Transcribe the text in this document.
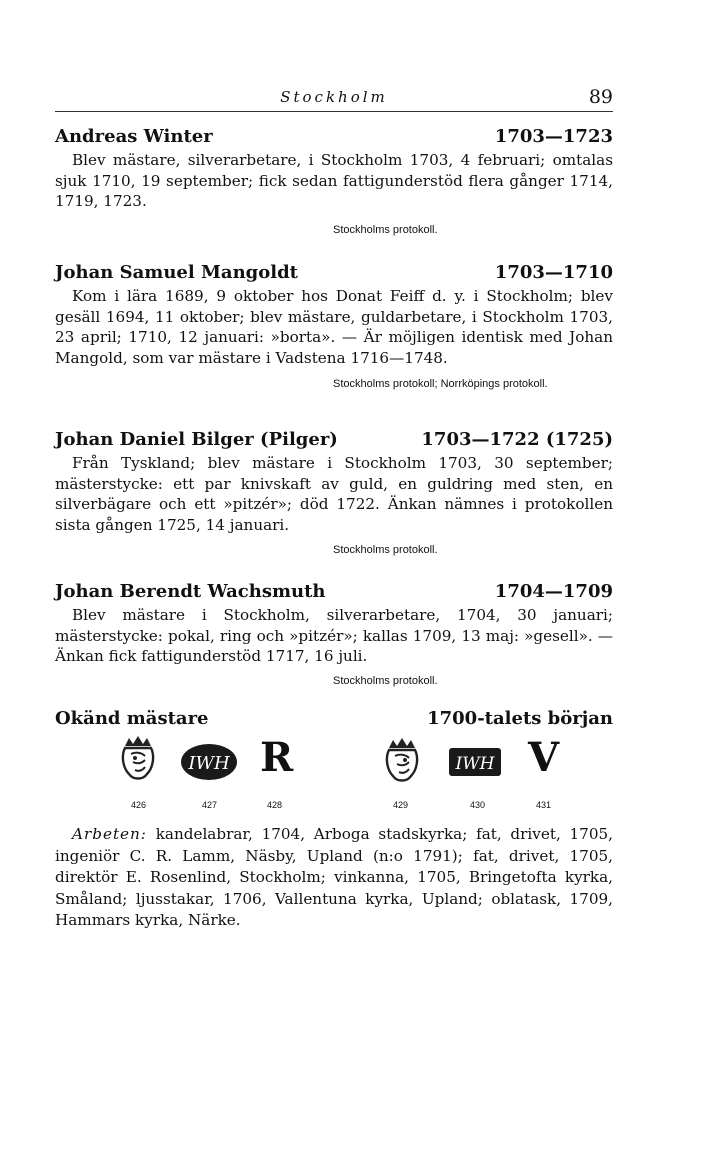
Stockholm	89
Andreas Winter	1703—1723
Blev mästare, silverarbetare, i Stockholm 1703, 4 februari; omtalas sjuk 1710, 19 september; fick sedan fattigunderstöd flera gånger 1714, 1719, 1723.
Stockholms protokoll.
Johan Samuel Mangoldt	1703—1710
Kom i lära 1689, 9 oktober hos Donat Feiff d. y. i Stockholm; blev gesäll 1694, 11 oktober; blev mästare, guldarbetare, i Stockholm 1703, 23 april; 1710, 12 januari: »borta». — Är möjligen identisk med Johan Mangold, som var mästare i Vadstena 1716—1748.
Stockholms protokoll; Norrköpings protokoll.
Johan Daniel Bilger (Pilger)	1703—1722 (1725)
Från Tyskland; blev mästare i Stockholm 1703, 30 september; mästerstycke: ett par knivskaft av guld, en guldring med sten, en silverbägare och ett »pitzér»; död 1722. Änkan nämnes i protokollen sista gången 1725, 14 januari.
Stockholms protokoll.
Johan Berendt Wachsmuth	1704—1709
Blev mästare i Stockholm, silverarbetare, 1704, 30 januari; mästerstycke: pokal, ring och »pitzér»; kallas 1709, 13 maj: »gesell». — Änkan fick fattigunderstöd 1717, 16 juli.
Stockholms protokoll.
Okänd mästare	1700-talets början
426
IWH
427
R
428	429
IWH
430
V
431
Arbeten: kandelabrar, 1704, Arboga stadskyrka; fat, drivet, 1705, ingeniör C. R. Lamm, Näsby, Upland (n:o 1791); fat, drivet, 1705, direktör E. Rosenlind, Stockholm; vinkanna, 1705, Bringetofta kyrka, Småland; ljusstakar, 1706, Vallentuna kyrka, Upland; oblatask, 1709, Hammars kyrka, Närke.
